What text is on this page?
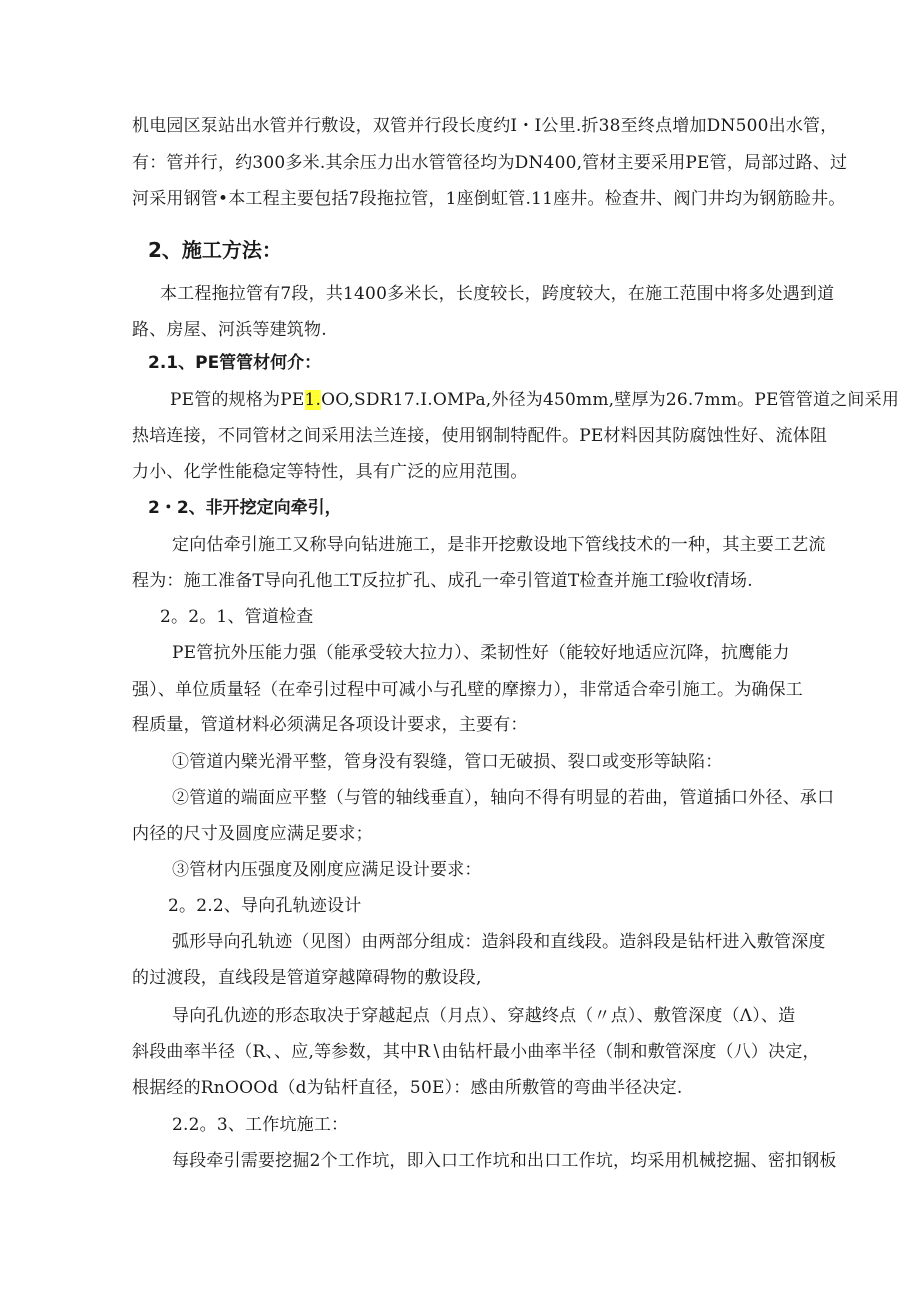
机电园区泵站出水管并行敷设，双管并行段长度约I・I公里.折38至终点增加DN500出水管，
有：管并行，约300多米.其余压力出水管管径均为DN400,管材主要采用PE管，局部过路、过
河采用钢管•本工程主要包括7段拖拉管，1座倒虹管.11座井。检查井、阀门井均为钢筋睑井。
2、施工方法：
本工程拖拉管有7段，共1400多米长，长度较长，跨度较大，在施工范围中将多处遇到道
路、房屋、河浜等建筑物.
2.1、PE管管材何介：
PE管的规格为PE1.OO,SDR17.I.OMPa,外径为450mm,壁厚为26.7mm。PE管管道之间采用
热培连接，不同管材之间采用法兰连接，使用钢制特配件。PE材料因其防腐蚀性好、流体阻
力小、化学性能稳定等特性，具有广泛的应用范围。
2・2、非开挖定向牵引，
定向估牵引施工又称导向钻进施工，是非开挖敷设地下管线技术的一种，其主要工艺流
程为：施工准备T导向孔他工T反拉扩孔、成孔一牵引管道T检查并施工f验收f清场.
2。2。1、管道检查
PE管抗外压能力强（能承受较大拉力）、柔韧性好（能较好地适应沉降，抗鹰能力
强）、单位质量轻（在牵引过程中可减小与孔壁的摩擦力），非常适合牵引施工。为确保工
程质量，管道材料必须满足各项设计要求，主要有：
①管道内檗光滑平整，管身没有裂缝，管口无破损、裂口或变形等缺陷：
②管道的端面应平整（与管的轴线垂直），轴向不得有明显的若曲，管道插口外径、承口
内径的尺寸及圆度应满足要求；
③管材内压强度及刚度应满足设计要求：
2。2.2、导向孔轨迹设计
弧形导向孔轨迹（见图）由两部分组成：造斜段和直线段。造斜段是钻杆进入敷管深度
的过渡段，直线段是管道穿越障碍物的敷设段,
导向孔仇迹的形态取决于穿越起点（月点）、穿越终点（〃点）、敷管深度（Λ）、造
斜段曲率半径（R、、应,等参数，其中R∖由钻杆最小曲率半径（制和敷管深度（八）决定，
根据经的RnOOOd（d为钻杆直径，50E）：感由所敷管的弯曲半径决定.
2.2。3、工作坑施工：
每段牵引需要挖掘2个工作坑，即入口工作坑和出口工作坑，均采用机械挖掘、密扣钢板
